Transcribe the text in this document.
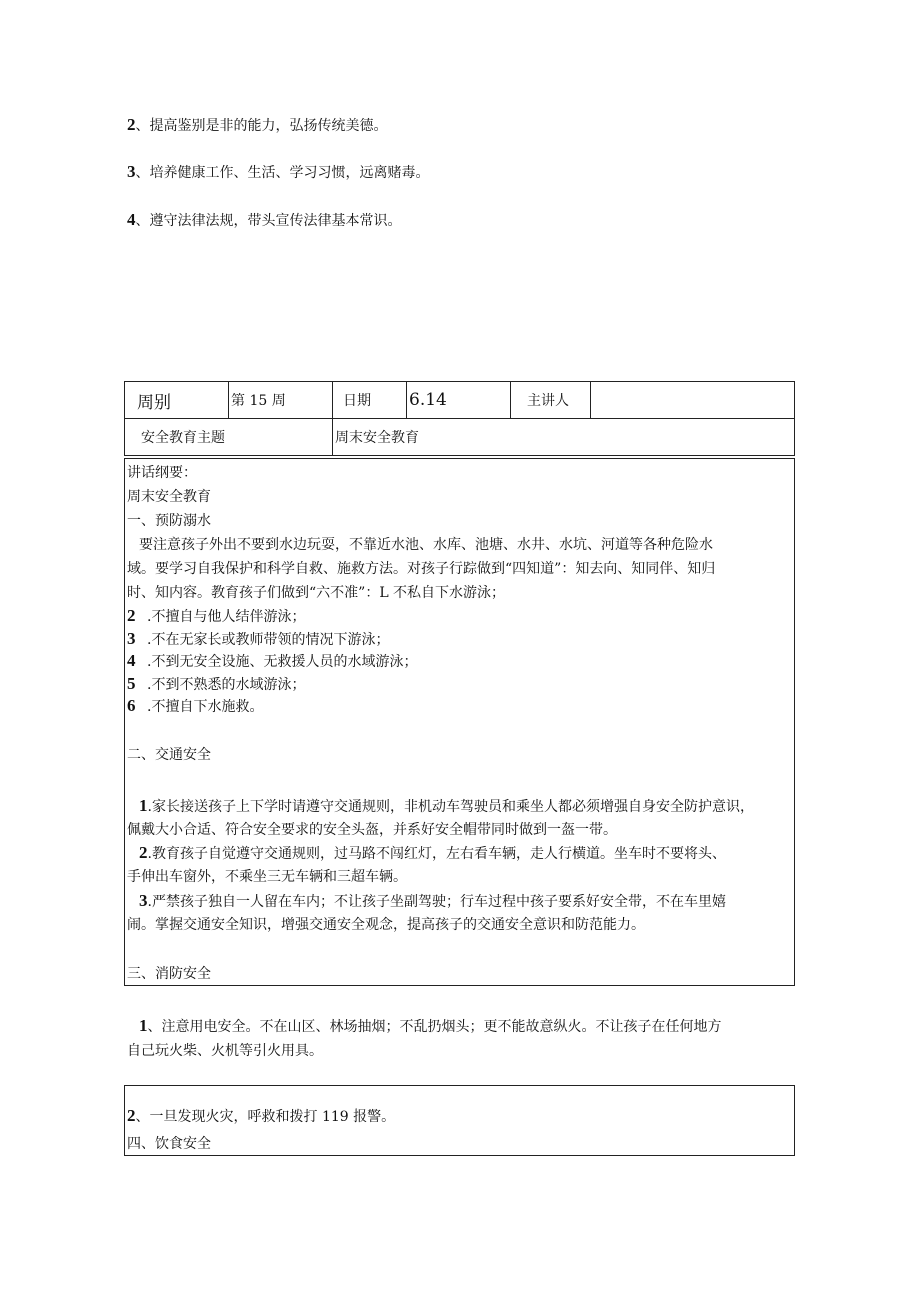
2、提高鉴别是非的能力，弘扬传统美德。
3、培养健康工作、生活、学习习惯，远离赌毒。
4、遵守法律法规，带头宣传法律基本常识。
周别	第 15 周	日期	6.14	主讲人	
安全教育主题		周末安全教育			
讲话纲要：
周末安全教育
一、预防溺水
要注意孩子外出不要到水边玩耍，不靠近水池、水库、池塘、水井、水坑、河道等各种危险水
域。要学习自我保护和科学自救、施救方法。对孩子行踪做到“四知道”：知去向、知同伴、知归
时、知内容。教育孩子们做到“六不准”：L 不私自下水游泳；
2 .不擅自与他人结伴游泳；
3 .不在无家长或教师带领的情况下游泳；
4 .不到无安全设施、无救援人员的水域游泳；
5 .不到不熟悉的水域游泳；
6 .不擅自下水施救。
二、交通安全
1.家长接送孩子上下学时请遵守交通规则，非机动车驾驶员和乘坐人都必须增强自身安全防护意识，
佩戴大小合适、符合安全要求的安全头盔，并系好安全帽带同时做到一盔一带。
2.教育孩子自觉遵守交通规则，过马路不闯红灯，左右看车辆，走人行横道。坐车时不要将头、
手伸出车窗外，不乘坐三无车辆和三超车辆。
3.严禁孩子独自一人留在车内；不让孩子坐副驾驶；行车过程中孩子要系好安全带，不在车里嬉
闹。掌握交通安全知识，增强交通安全观念，提高孩子的交通安全意识和防范能力。
三、消防安全
1、注意用电安全。不在山区、林场抽烟；不乱扔烟头；更不能故意纵火。不让孩子在任何地方
自己玩火柴、火机等引火用具。
2、一旦发现火灾，呼救和拨打 119 报警。
四、饮食安全
